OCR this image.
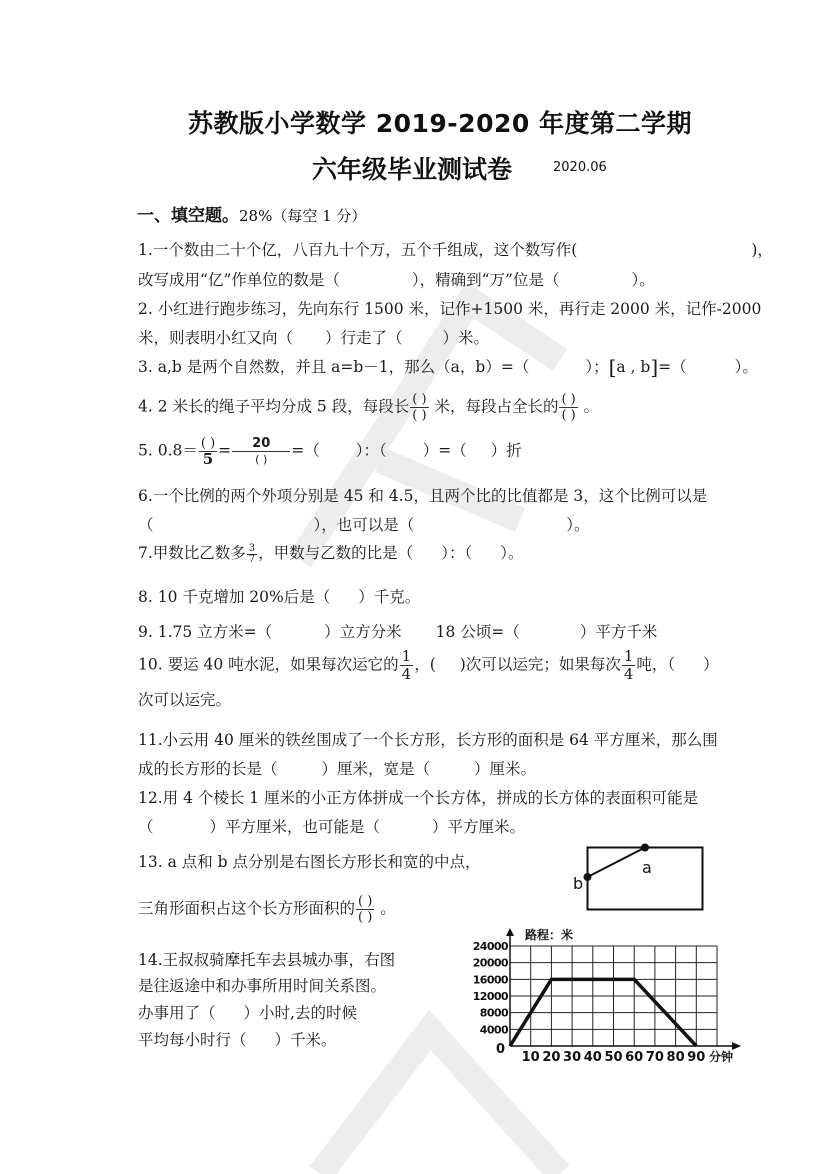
苏教版小学数学 2019-2020 年度第二学期
六年级毕业测试卷	2020.06
一、填空题。28%（每空 1 分）
1.一个数由二十个亿，八百九十个万，五个千组成，这个数写作(	)，
改写成用“亿”作单位的数是（	），精确到“万”位是（	）。
2. 小红进行跑步练习，先向东行 1500 米，记作+1500 米，再行走 2000 米，记作-2000
米，则表明小红又向（ ）行走了（	）米。
3. a,b 是两个自然数，并且 a=b－1，那么（a，b）=（	）；[a , b]=（	）。
4. 2 米长的绳子平均分成 5 段，每段长 $\frac{( )}{( )}$ 米，每段占全长的 $\frac{( )}{( )}$ 。
5. $0.8= \frac{( )}{5} = \frac{20}{( )}$ =（ ）：（ ）=（ ）折
6.一个比例的两个外项分别是 45 和 4.5，且两个比的比值都是 3，这个比例可以是
（	），也可以是（	）。
7.甲数比乙数多 $\frac{3}{7}$ ，甲数与乙数的比是（ ）：（ ）。
8. 10 千克增加 20%后是（ ）千克。
9. 1.75 立方米=（	）立方分米 18 公顷=（	）平方千米
10. 要运 40 吨水泥，如果每次运它的 $\frac{1}{4}$ ，( )次可以运完；如果每次 $\frac{1}{4}$ 吨，（ ）
次可以运完。
11.小云用 40 厘米的铁丝围成了一个长方形，长方形的面积是 64 平方厘米，那么围
成的长方形的长是（	）厘米，宽是（	）厘米。
12.用 4 个棱长 1 厘米的小正方体拼成一个长方体，拼成的长方体的表面积可能是
（	）平方厘米，也可能是（	）平方厘米。
13. a 点和 b 点分别是右图长方形长和宽的中点，
三角形面积占这个长方形面积的 $\frac{( )}{( )}$ 。
a
b
14.王叔叔骑摩托车去县城办事，右图
是往返途中和办事所用时间关系图。
办事用了（ ）小时,去的时候
平均每小时行（ ）千米。
10 20 30 40 50 60 70 80 90
4000
8000
12000
16000
20000
24000
路程：米
分钟
0
